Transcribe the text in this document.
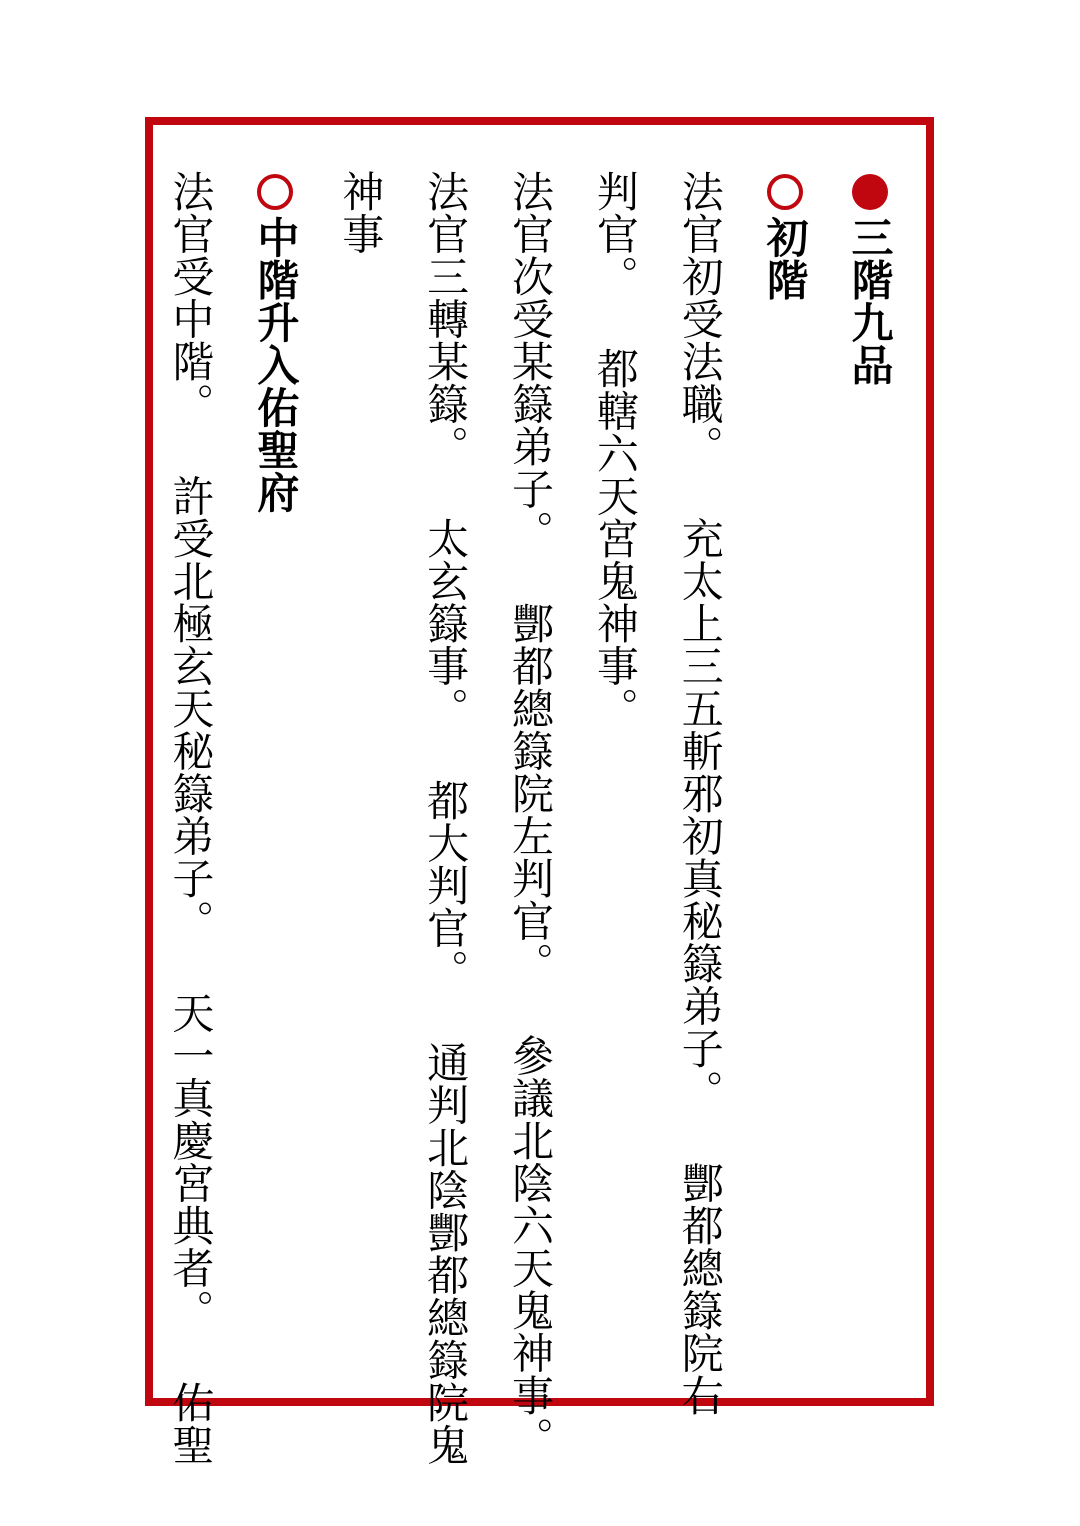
三階九品
初階
法官初受法職。 充太上三五斬邪初真秘籙弟子。 酆都總籙院右
判官。 都轄六天宮鬼神事。
法官次受某籙弟子。 酆都總籙院左判官。 參議北陰六天鬼神事。
法官三轉某籙。 太玄籙事。 都大判官。 通判北陰酆都總籙院鬼
神事
中階升入佑聖府
法官受中階。 許受北極玄天秘籙弟子。 天一真慶宮典者。 佑聖
